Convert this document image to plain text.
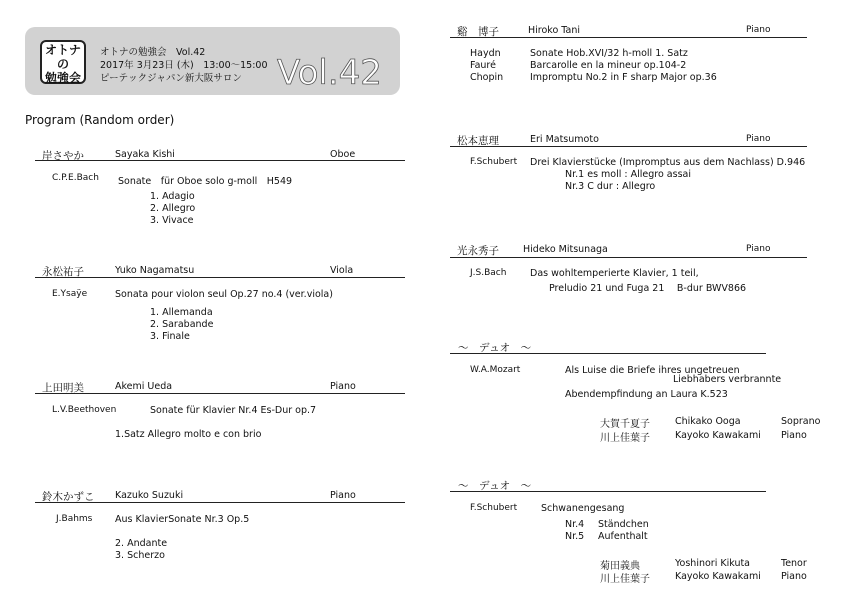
オトナ
の
勉強会
オトナの勉強会　Vol.42
2017年 3月23日 (木)　13:00～15:00
ピーテックジャパン新大阪サロン Vol.42
Program (Random order)
岸さやか	Sayaka Kishi	Oboe
C.P.E.Bach Sonate　für Oboe solo g-moll　H549
1. Adagio
2. Allegro
3. Vivace
永松祐子	Yuko Nagamatsu	Viola
E.Ysaÿe	Sonata pour violon seul Op.27 no.4 (ver.viola)
1. Allemanda
2. Sarabande
3. Finale
上田明美	Akemi Ueda	Piano
L.V.Beethoven	Sonate für Klavier Nr.4 Es-Dur op.7
1.Satz Allegro molto e con brio
鈴木かずこ Kazuko Suzuki	Piano
J.Bahms Aus KlavierSonate Nr.3 Op.5
2. Andante
3. Scherzo
谿　博子	Hiroko Tani	Piano
Haydn	Sonate Hob.XVI/32 h-moll 1. Satz
Fauré	Barcarolle en la mineur op.104-2
Chopin	Impromptu No.2 in F sharp Major op.36
松本恵理	Eri Matsumoto	Piano
F.Schubert Drei Klavierstücke (Impromptus aus dem Nachlass) D.946
Nr.1 es moll : Allegro assai
Nr.3 C dur : Allegro
光永秀子	Hideko Mitsunaga	Piano
J.S.Bach Das wohltemperierte Klavier, 1 teil,
Preludio 21 und Fuga 21　 B-dur BWV866
～　デュオ　～
W.A.Mozart	Als Luise die Briefe ihres ungetreuen
Liebhabers verbrannte
Abendempfindung an Laura K.523
大賀千夏子	Chikako Ooga	Soprano
川上佳葉子	Kayoko Kawakami Piano
～　デュオ　～
F.Schubert	Schwanengesang
Nr.4 Ständchen
Nr.5 Aufenthalt
菊田義典	Yoshinori Kikuta	Tenor
川上佳葉子	Kayoko Kawakami Piano
